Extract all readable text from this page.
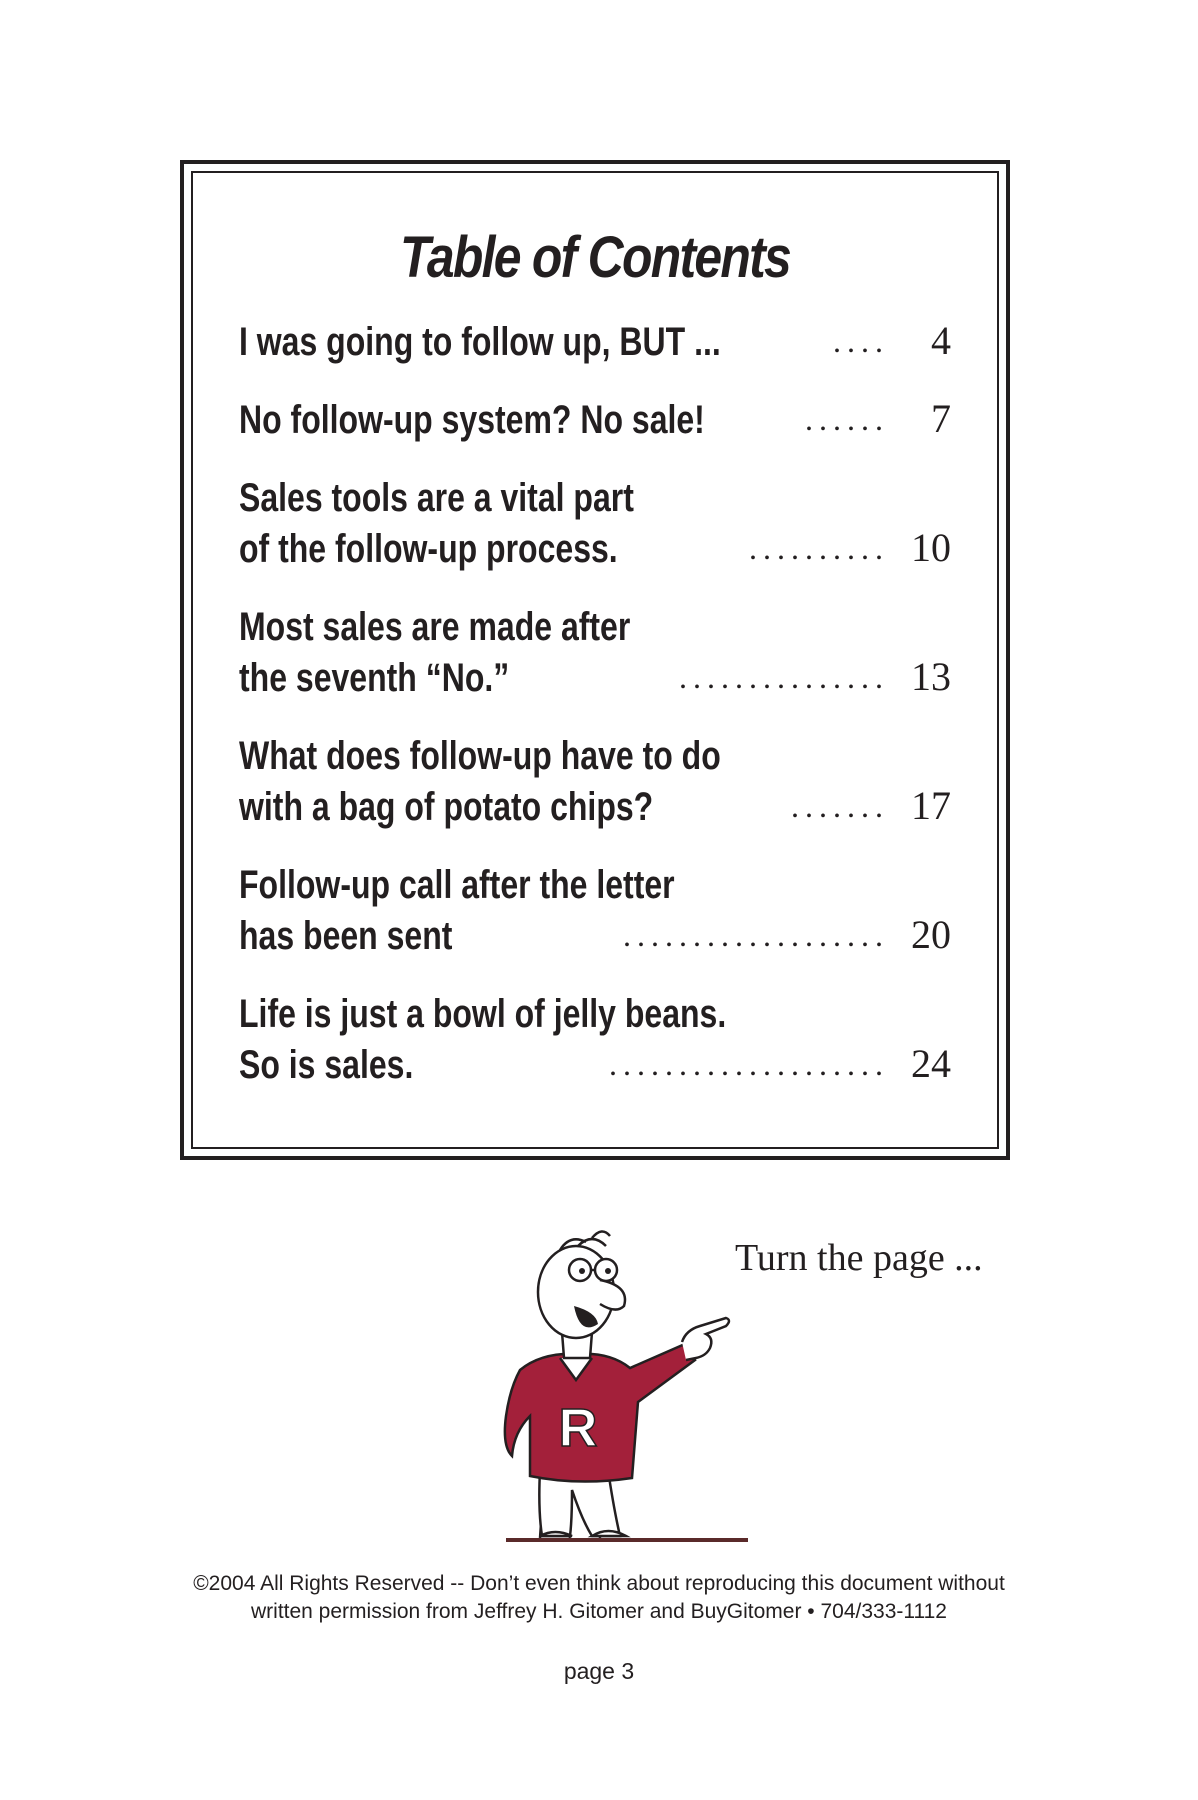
Table of Contents
I was going to follow up, BUT ...	.... 4
No follow-up system? No sale!	...... 7
Sales tools are a vital part
of the follow-up process.	.......... 10
Most sales are made after
the seventh “No.”	............... 13
What does follow-up have to do
with a bag of potato chips?	....... 17
Follow-up call after the letter
has been sent	................... 20
Life is just a bowl of jelly beans.
So is sales.	.................... 24
R
Turn the page ...
©2004 All Rights Reserved -- Don’t even think about reproducing this document without
written permission from Jeffrey H. Gitomer and BuyGitomer • 704/333-1112
page 3
